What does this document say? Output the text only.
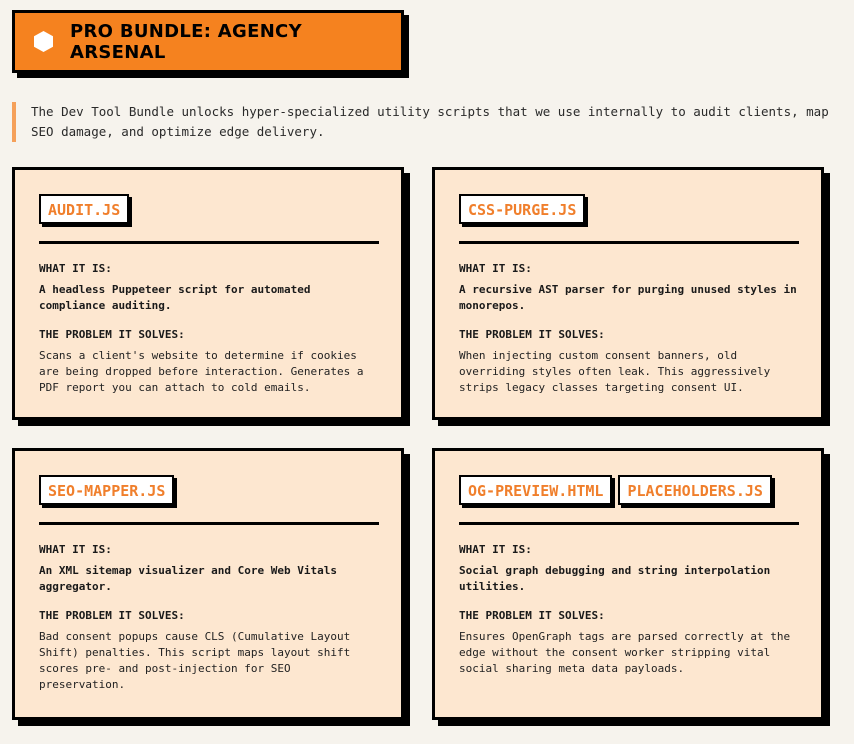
PRO BUNDLE: AGENCY ARSENAL
The Dev Tool Bundle unlocks hyper-specialized utility scripts that we use internally to audit clients, map SEO damage, and optimize edge delivery.
AUDIT.JS
WHAT IT IS:
A headless Puppeteer script for automated compliance auditing.
THE PROBLEM IT SOLVES:
Scans a client's website to determine if cookies are being dropped before interaction. Generates a PDF report you can attach to cold emails.
CSS-PURGE.JS
WHAT IT IS:
A recursive AST parser for purging unused styles in monorepos.
THE PROBLEM IT SOLVES:
When injecting custom consent banners, old overriding styles often leak. This aggressively strips legacy classes targeting consent UI.
SEO-MAPPER.JS
WHAT IT IS:
An XML sitemap visualizer and Core Web Vitals aggregator.
THE PROBLEM IT SOLVES:
Bad consent popups cause CLS (Cumulative Layout Shift) penalties. This script maps layout shift scores pre- and post-injection for SEO preservation.
OG-PREVIEW.HTML	PLACEHOLDERS.JS
WHAT IT IS:
Social graph debugging and string interpolation utilities.
THE PROBLEM IT SOLVES:
Ensures OpenGraph tags are parsed correctly at the edge without the consent worker stripping vital social sharing meta data payloads.
